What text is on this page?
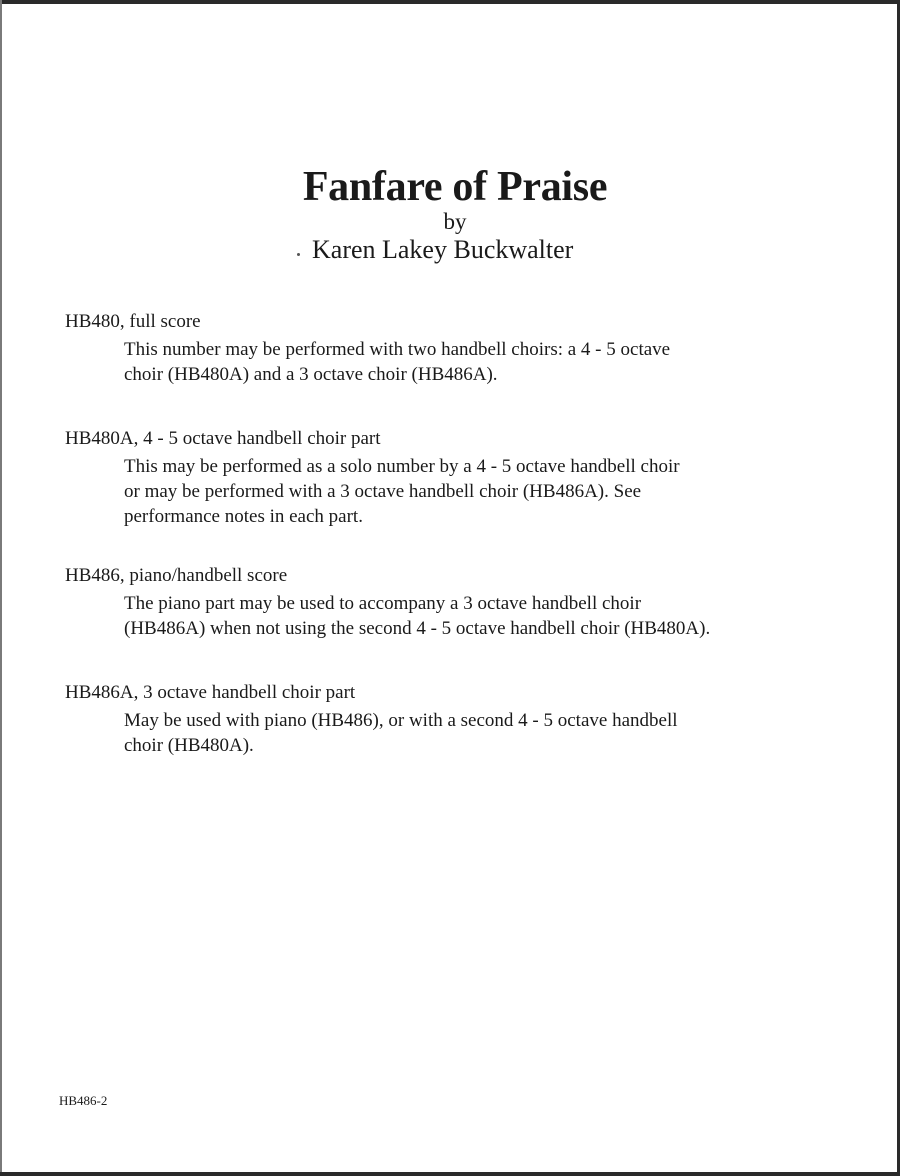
Fanfare of Praise
by
Karen Lakey Buckwalter
HB480, full score
This number may be performed with two handbell choirs: a 4 - 5 octave
choir (HB480A) and a 3 octave choir (HB486A).
HB480A, 4 - 5 octave handbell choir part
This may be performed as a solo number by a 4 - 5 octave handbell choir
or may be performed with a 3 octave handbell choir (HB486A). See
performance notes in each part.
HB486, piano/handbell score
The piano part may be used to accompany a 3 octave handbell choir
(HB486A) when not using the second 4 - 5 octave handbell choir (HB480A).
HB486A, 3 octave handbell choir part
May be used with piano (HB486), or with a second 4 - 5 octave handbell
choir (HB480A).
HB486-2
